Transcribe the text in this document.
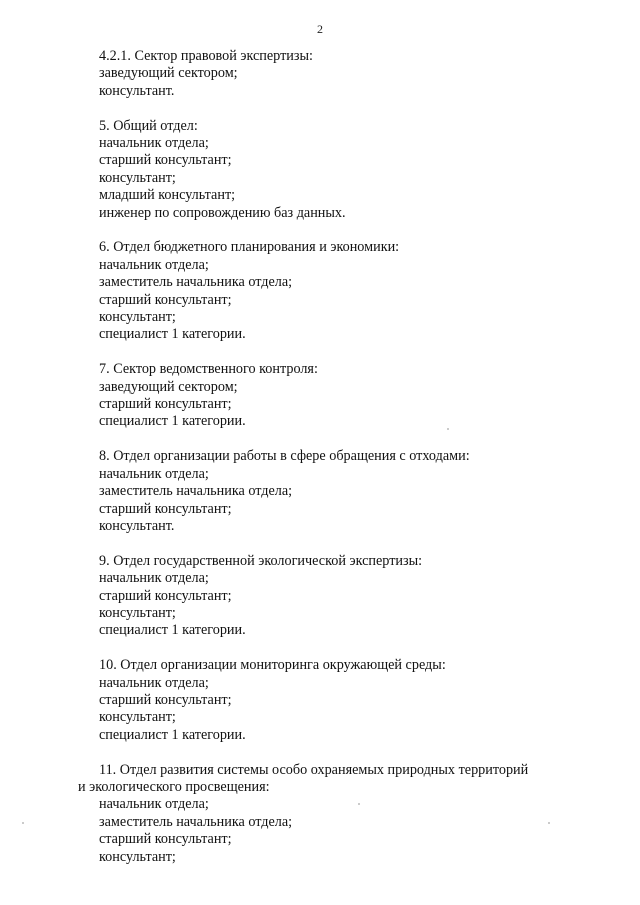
2
4.2.1. Сектор правовой экспертизы:
заведующий сектором;
консультант.
5. Общий отдел:
начальник отдела;
старший консультант;
консультант;
младший консультант;
инженер по сопровождению баз данных.
6. Отдел бюджетного планирования и экономики:
начальник отдела;
заместитель начальника отдела;
старший консультант;
консультант;
специалист 1 категории.
7. Сектор ведомственного контроля:
заведующий сектором;
старший консультант;
специалист 1 категории.
8. Отдел организации работы в сфере обращения с отходами:
начальник отдела;
заместитель начальника отдела;
старший консультант;
консультант.
9. Отдел государственной экологической экспертизы:
начальник отдела;
старший консультант;
консультант;
специалист 1 категории.
10. Отдел организации мониторинга окружающей среды:
начальник отдела;
старший консультант;
консультант;
специалист 1 категории.
11. Отдел развития системы особо охраняемых природных территорий
и экологического просвещения:
начальник отдела;
заместитель начальника отдела;
старший консультант;
консультант;
